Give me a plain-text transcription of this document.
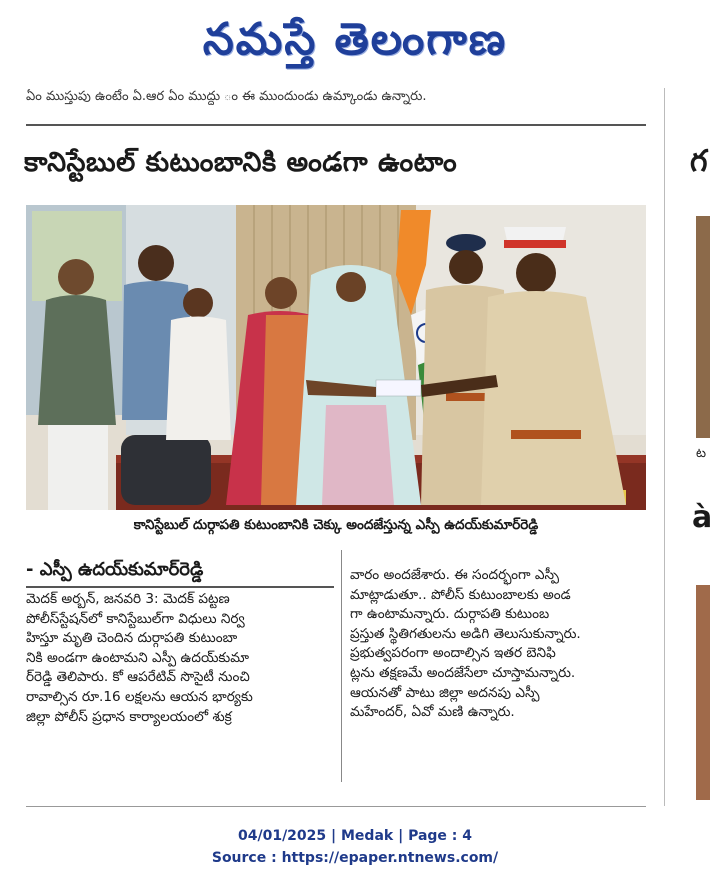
నమస్తే తెలంగాణ
ఏం ముస్తుపు ఉంటేం ఏ.ఆర ఏం ముద్దు ం ఈ ముందుండు ఉమ్కాండు ఉన్నారు.
కానిస్టేబుల్ కుటుంబానికి అండగా ఉంటాం
కానిస్టేబుల్ దుర్గాపతి కుటుంబానికి చెక్కు అందజేస్తున్న ఎస్పీ ఉదయ్‌కుమార్‌రెడ్డి
- ఎస్పీ ఉదయ్‌కుమార్‌రెడ్డి

మెదక్ అర్బన్, జనవరి 3: మెదక్ పట్టణ

పోలీస్‌స్టేషన్‌లో కానిస్టేబుల్‌గా విధులు నిర్వ

హిస్తూ మృతి చెందిన దుర్గాపతి కుటుంబా

నికి అండగా ఉంటామని ఎస్పీ ఉదయ్‌కుమా

ర్‌రెడ్డి తెలిపారు. కో ఆపరేటివ్ సొసైటీ నుంచి

రావాల్సిన రూ.16 లక్షలను ఆయన భార్యకు

జిల్లా పోలీస్ ప్రధాన కార్యాలయంలో శుక్ర

వారం అందజేశారు. ఈ సందర్భంగా ఎస్పీ

మాట్లాడుతూ.. పోలీస్ కుటుంబాలకు అండ

గా ఉంటామన్నారు. దుర్గాపతి కుటుంబ

ప్రస్తుత స్థితిగతులను అడిగి తెలుసుకున్నారు.

ప్రభుత్వపరంగా అందాల్సిన ఇతర బెనిఫి

ట్లను తక్షణమే అందజేసేలా చూస్తామన్నారు.

ఆయనతో పాటు జిల్లా అదనపు ఎస్పీ

మహేందర్, ఏవో మణి ఉన్నారు.

గ
ట
à
04/01/2025 | Medak | Page : 4
Source : https://epaper.ntnews.com/
